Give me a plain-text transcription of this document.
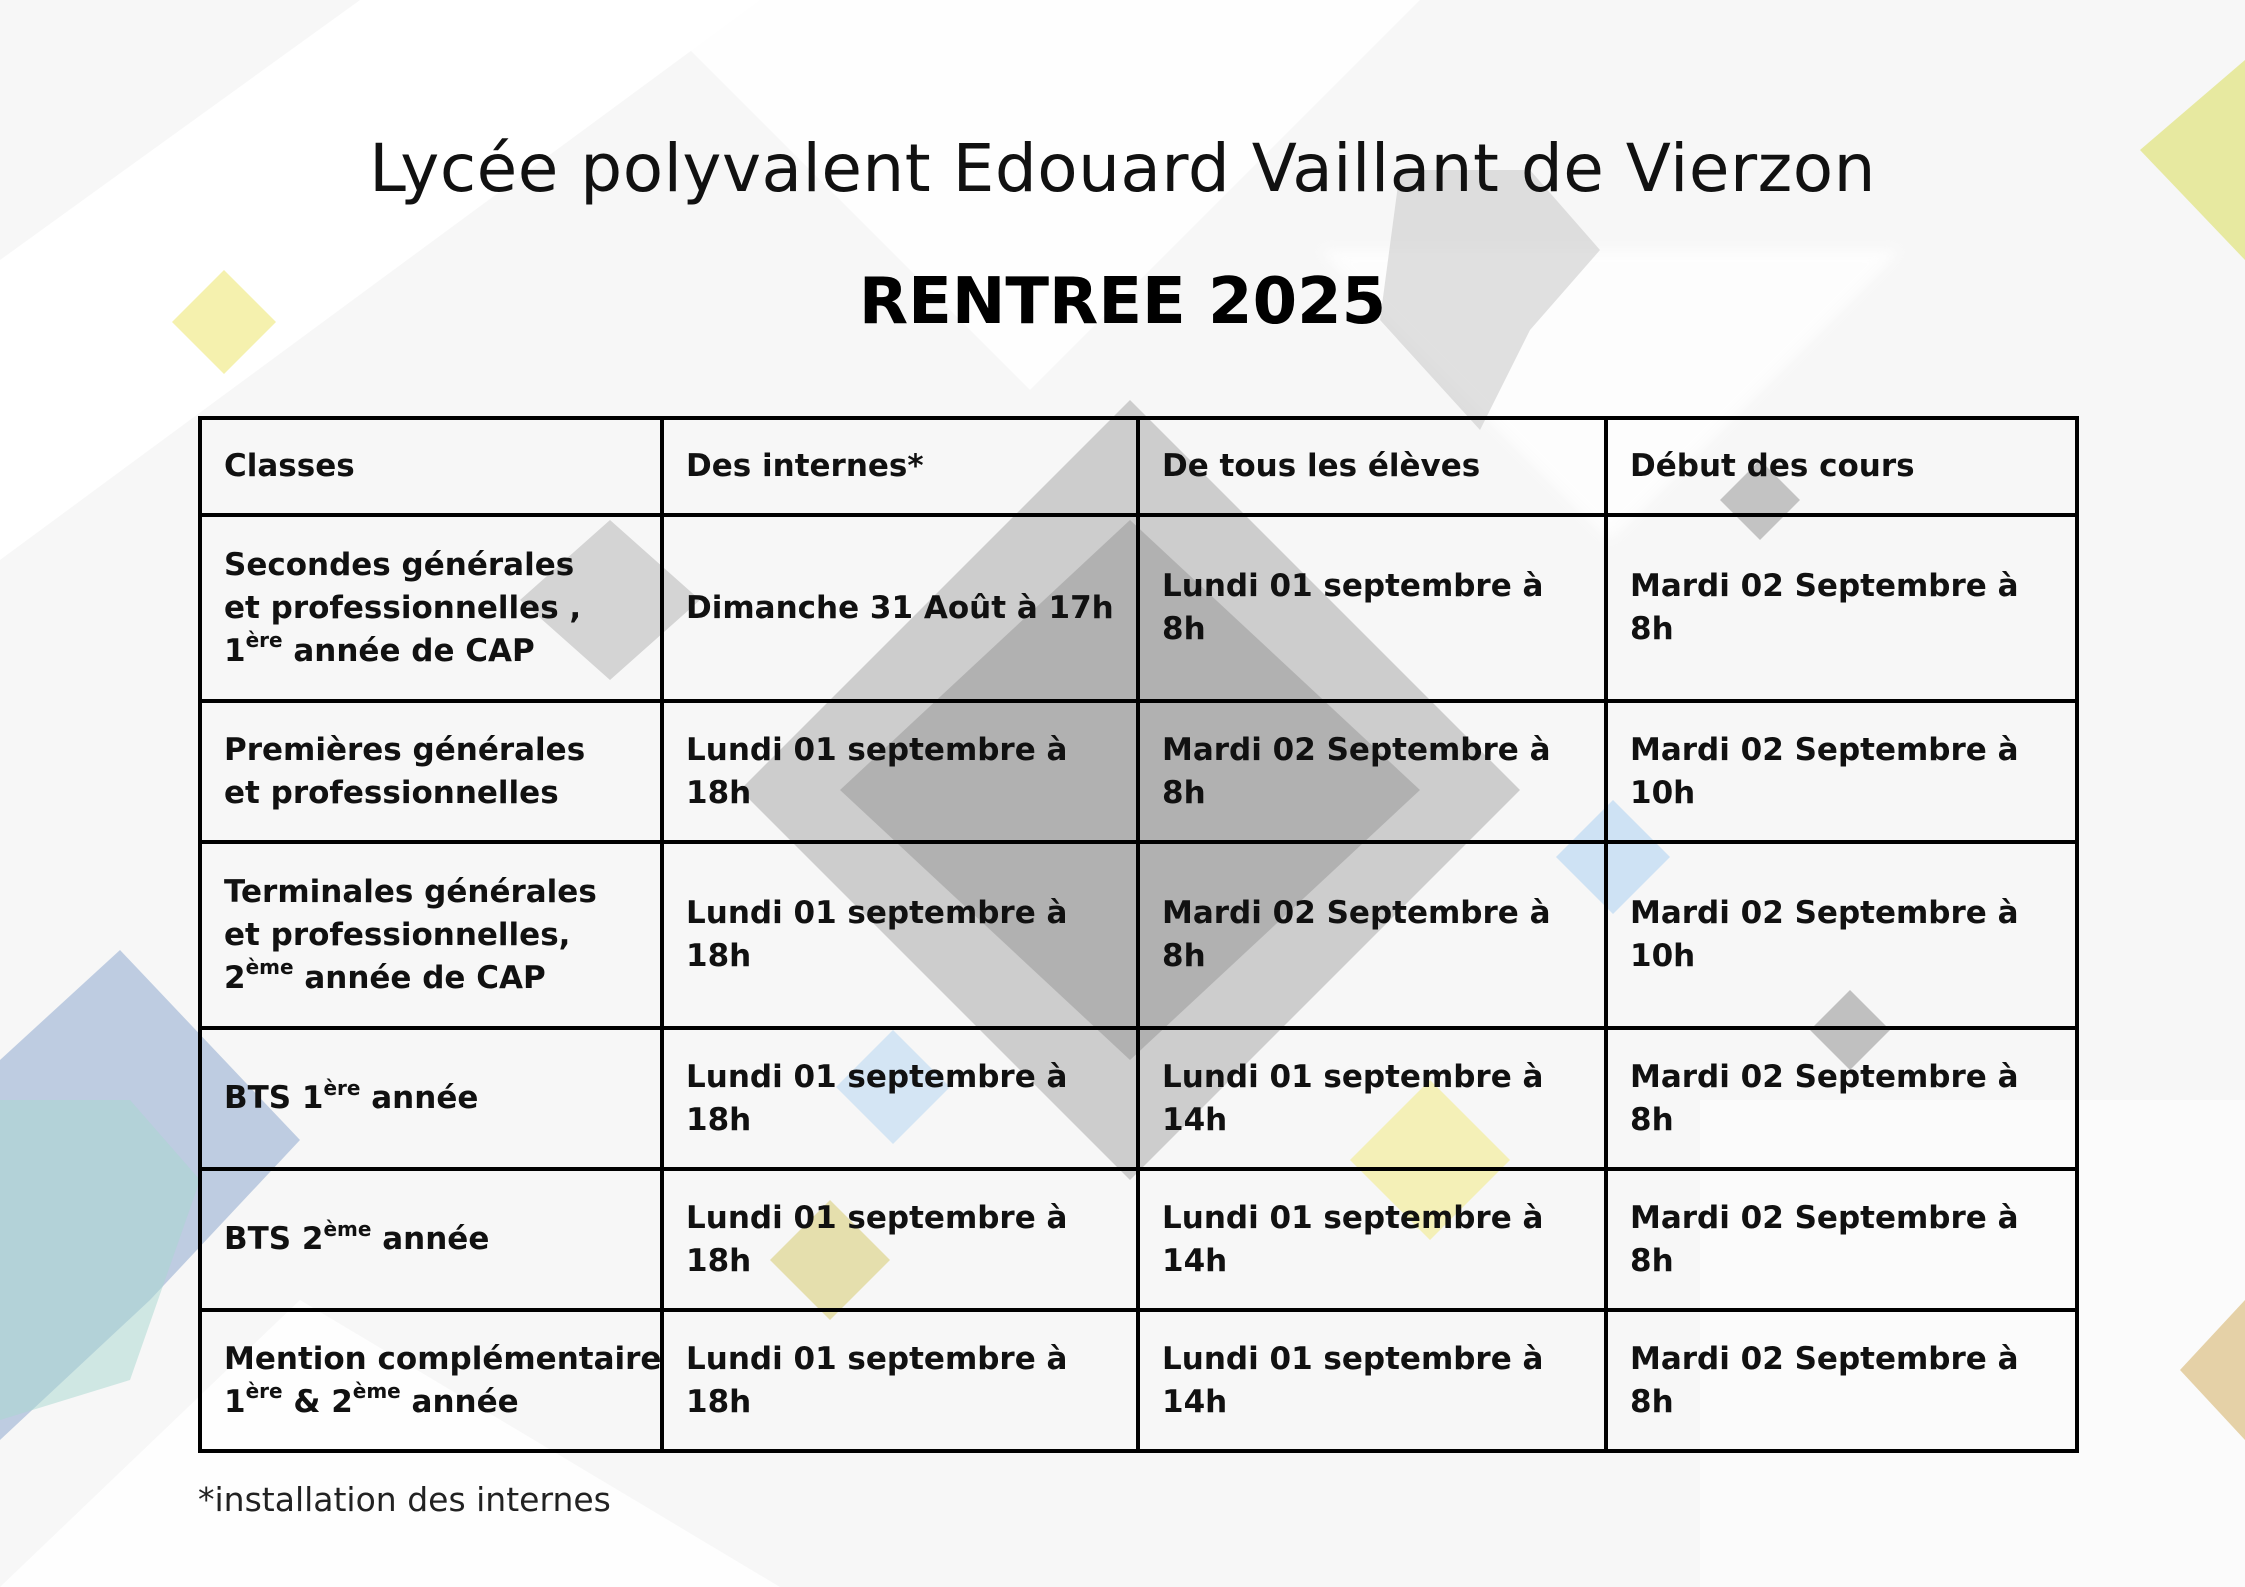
Lycée polyvalent Edouard Vaillant de Vierzon
RENTREE 2025
Classes	Des internes*	De tous les élèves	Début des cours

Secondes générales
et professionnelles ,
1ère année de CAP	Dimanche 31 Août à 17h	Lundi 01 septembre à 8h	Mardi 02 Septembre à 8h

Premières générales
et professionnelles	Lundi 01 septembre à 18h	Mardi 02 Septembre à 8h	Mardi 02 Septembre à 10h

Terminales générales
et professionnelles,
2ème année de CAP	Lundi 01 septembre à 18h	Mardi 02 Septembre à 8h	Mardi 02 Septembre à 10h
BTS 1ère année	Lundi 01 septembre à 18h	Lundi 01 septembre à 14h	Mardi 02 Septembre à 8h
BTS 2ème année	Lundi 01 septembre à 18h	Lundi 01 septembre à 14h	Mardi 02 Septembre à 8h

Mention complémentaire
1ère & 2ème année	Lundi 01 septembre à 18h	Lundi 01 septembre à 14h	Mardi 02 Septembre à 8h
*installation des internes
